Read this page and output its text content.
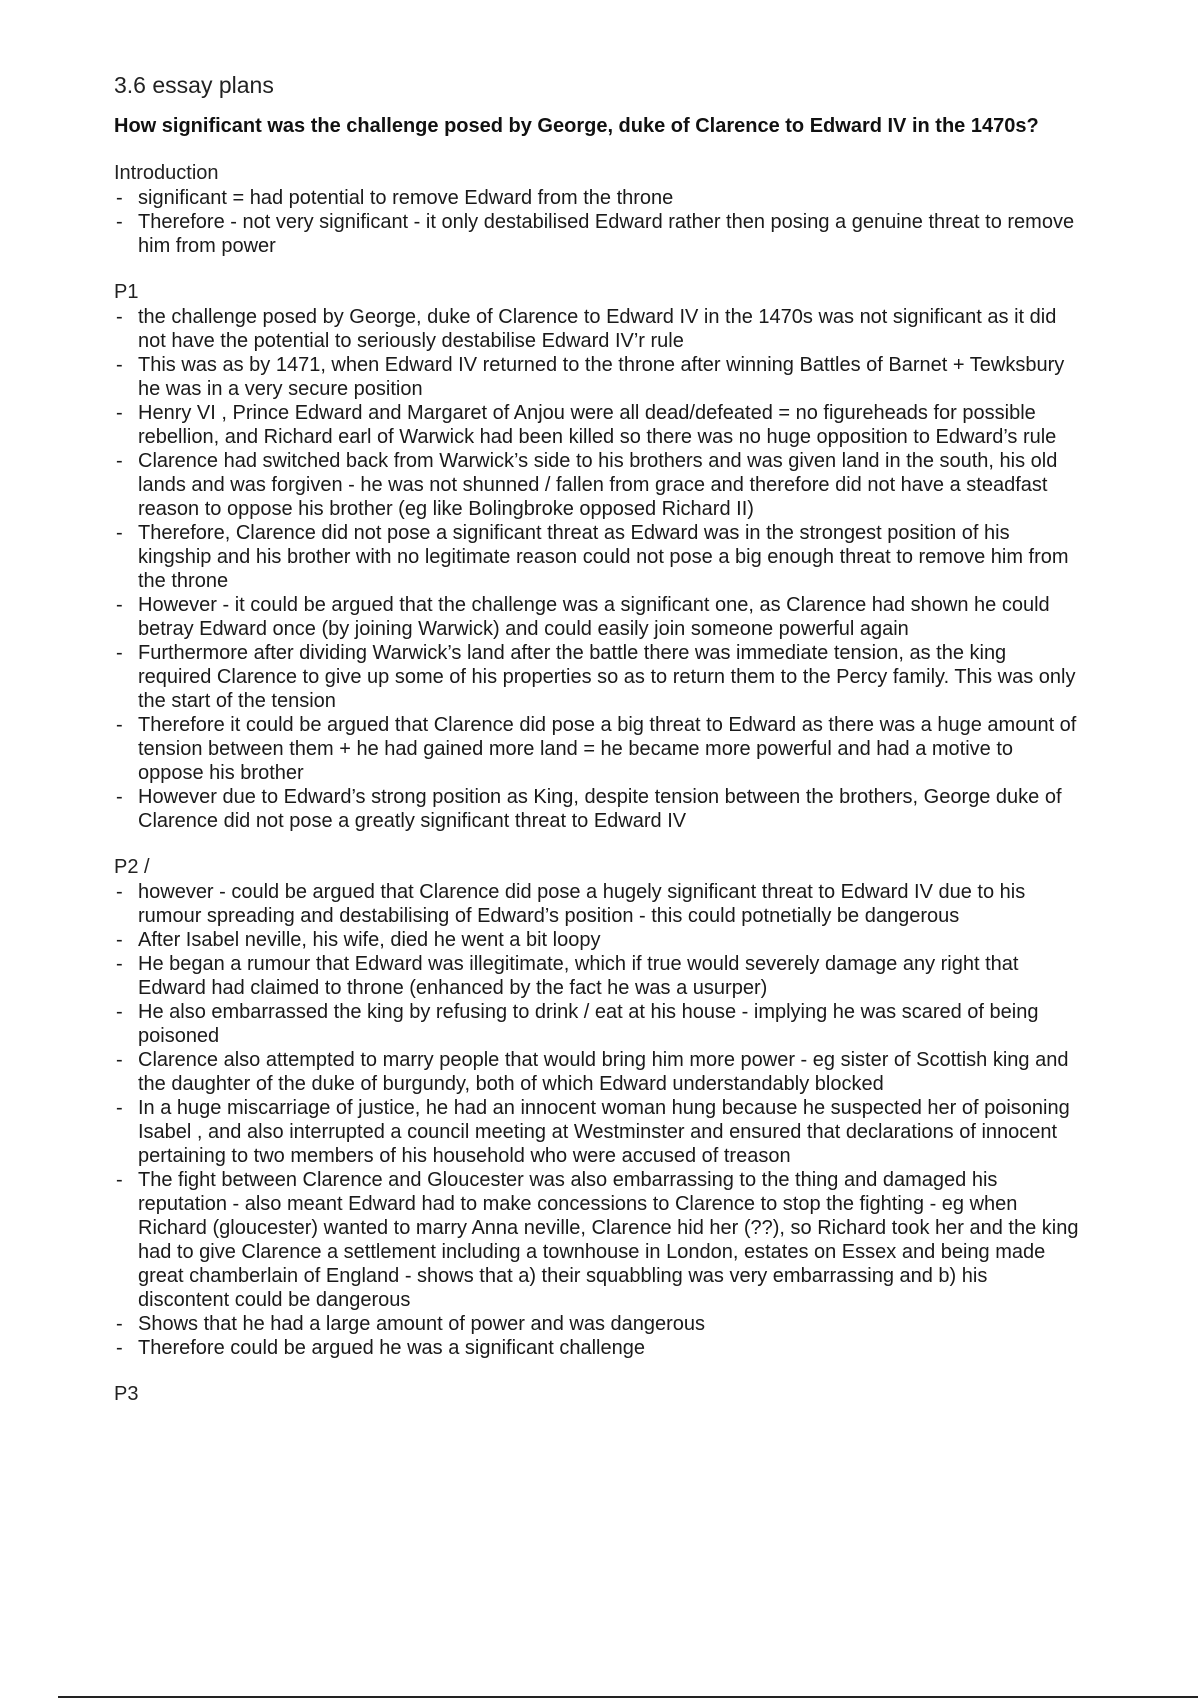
3.6 essay plans
How significant was the challenge posed by George, duke of Clarence to Edward IV in the 1470s?
Introduction
- significant = had potential to remove Edward from the throne
- Therefore - not very significant - it only destabilised Edward rather then posing a genuine threat to remove him from power
P1
- the challenge posed by George, duke of Clarence to Edward IV in the 1470s was not significant as it did not have the potential to seriously destabilise Edward IV’r rule
- This was as by 1471, when Edward IV returned to the throne after winning Battles of Barnet + Tewksbury he was in a very secure position
- Henry VI , Prince Edward and Margaret of Anjou were all dead/defeated = no figureheads for possible rebellion, and Richard earl of Warwick had been killed so there was no huge opposition to Edward’s rule
- Clarence had switched back from Warwick’s side to his brothers and was given land in the south, his old lands and was forgiven - he was not shunned / fallen from grace and therefore did not have a steadfast reason to oppose his brother (eg like Bolingbroke opposed Richard II)
- Therefore, Clarence did not pose a significant threat as Edward was in the strongest position of his kingship and his brother with no legitimate reason could not pose a big enough threat to remove him from the throne
- However - it could be argued that the challenge was a significant one, as Clarence had shown he could betray Edward once (by joining Warwick) and could easily join someone powerful again
- Furthermore after dividing Warwick’s land after the battle there was immediate tension, as the king required Clarence to give up some of his properties so as to return them to the Percy family. This was only the start of the tension
- Therefore it could be argued that Clarence did pose a big threat to Edward as there was a huge amount of tension between them + he had gained more land = he became more powerful and had a motive to oppose his brother
- However due to Edward’s strong position as King, despite tension between the brothers, George duke of Clarence did not pose a greatly significant threat to Edward IV
P2 /
- however - could be argued that Clarence did pose a hugely significant threat to Edward IV due to his rumour spreading and destabilising of Edward’s position - this could potnetially be dangerous
- After Isabel neville, his wife, died he went a bit loopy
- He began a rumour that Edward was illegitimate, which if true would severely damage any right that Edward had claimed to throne (enhanced by the fact he was a usurper)
- He also embarrassed the king by refusing to drink / eat at his house - implying he was scared of being poisoned
- Clarence also attempted to marry people that would bring him more power - eg sister of Scottish king and the daughter of the duke of burgundy, both of which Edward understandably blocked
- In a huge miscarriage of justice, he had an innocent woman hung because he suspected her of poisoning Isabel , and also interrupted a council meeting at Westminster and ensured that declarations of innocent pertaining to two members of his household who were accused of treason
- The fight between Clarence and Gloucester was also embarrassing to the thing and damaged his reputation - also meant Edward had to make concessions to Clarence to stop the fighting - eg when Richard (gloucester) wanted to marry Anna neville, Clarence hid her (??), so Richard took her and the king had to give Clarence a settlement including a townhouse in London, estates on Essex and being made great chamberlain of England - shows that a) their squabbling was very embarrassing and b) his discontent could be dangerous
- Shows that he had a large amount of power and was dangerous
- Therefore could be argued he was a significant challenge
P3
